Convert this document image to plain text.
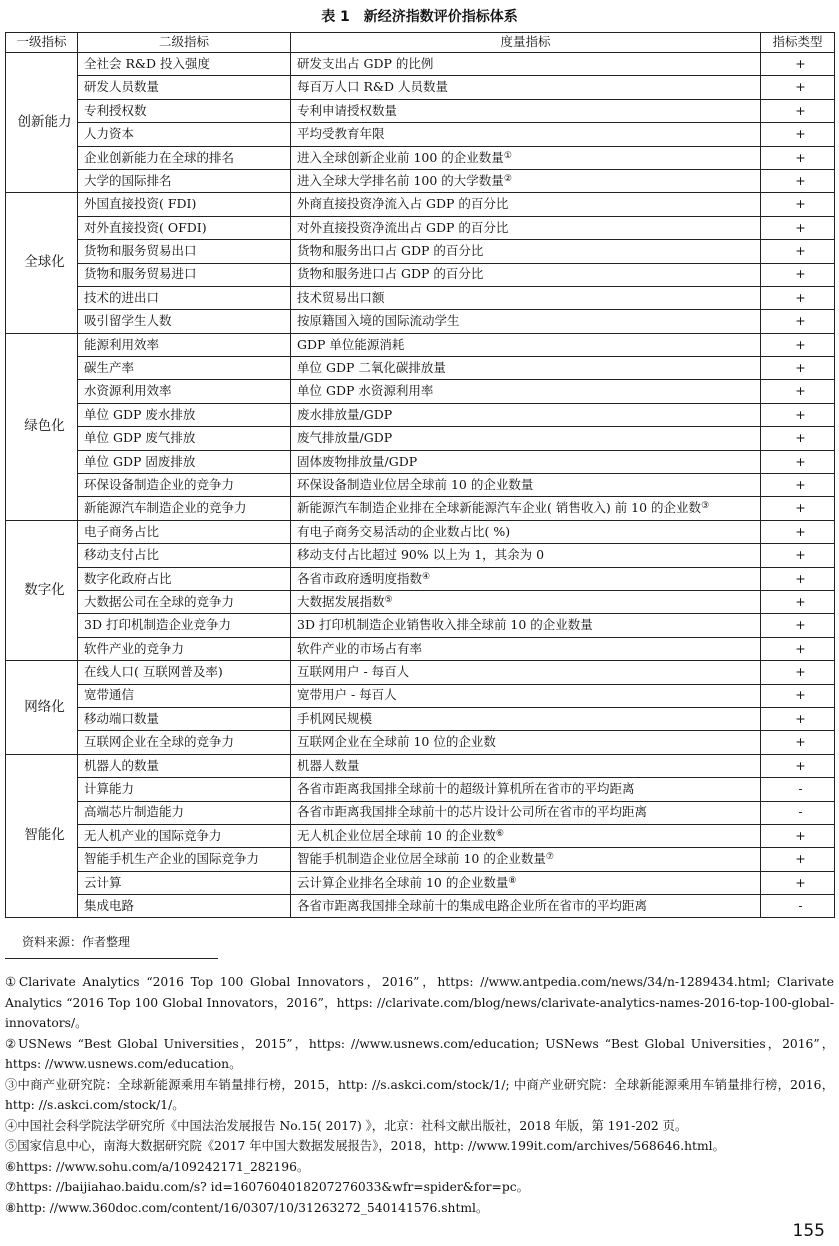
表 1　新经济指数评价指标体系
一级指标	二级指标	度量指标	指标类型
创新能力	全社会 R&D 投入强度	研发支出占 GDP 的比例	+
	研发人员数量	每百万人口 R&D 人员数量	+
	专利授权数	专利申请授权数量	+
	人力资本	平均受教育年限	+
	企业创新能力在全球的排名	进入全球创新企业前 100 的企业数量①	+
	大学的国际排名	进入全球大学排名前 100 的大学数量②	+
全球化	外国直接投资( FDI)	外商直接投资净流入占 GDP 的百分比	+
	对外直接投资( OFDI)	对外直接投资净流出占 GDP 的百分比	+
	货物和服务贸易出口	货物和服务出口占 GDP 的百分比	+
	货物和服务贸易进口	货物和服务进口占 GDP 的百分比	+
	技术的进出口	技术贸易出口额	+
	吸引留学生人数	按原籍国入境的国际流动学生	+
绿色化	能源利用效率	GDP 单位能源消耗	+
	碳生产率	单位 GDP 二氧化碳排放量	+
	水资源利用效率	单位 GDP 水资源利用率	+
	单位 GDP 废水排放	废水排放量/GDP	+
	单位 GDP 废气排放	废气排放量/GDP	+
	单位 GDP 固废排放	固体废物排放量/GDP	+
	环保设备制造企业的竞争力	环保设备制造业位居全球前 10 的企业数量	+
	新能源汽车制造企业的竞争力	新能源汽车制造企业排在全球新能源汽车企业( 销售收入) 前 10 的企业数③	+
数字化	电子商务占比	有电子商务交易活动的企业数占比( %)	+
	移动支付占比	移动支付占比超过 90% 以上为 1，其余为 0	+
	数字化政府占比	各省市政府透明度指数④	+
	大数据公司在全球的竞争力	大数据发展指数⑤	+
	3D 打印机制造企业竞争力	3D 打印机制造企业销售收入排全球前 10 的企业数量	+
	软件产业的竞争力	软件产业的市场占有率	+
网络化	在线人口( 互联网普及率)	互联网用户 - 每百人	+
	宽带通信	宽带用户 - 每百人	+
	移动端口数量	手机网民规模	+
	互联网企业在全球的竞争力	互联网企业在全球前 10 位的企业数	+
智能化	机器人的数量	机器人数量	+
	计算能力	各省市距离我国排全球前十的超级计算机所在省市的平均距离	-
	高端芯片制造能力	各省市距离我国排全球前十的芯片设计公司所在省市的平均距离	-
	无人机产业的国际竞争力	无人机企业位居全球前 10 的企业数⑥	+
	智能手机生产企业的国际竞争力	智能手机制造企业位居全球前 10 的企业数量⑦	+
	云计算	云计算企业排名全球前 10 的企业数量⑧	+
	集成电路	各省市距离我国排全球前十的集成电路企业所在省市的平均距离	-
资料来源：作者整理

①Clarivate Analytics “2016 Top 100 Global Innovators，2016”，https: //www.antpedia.com/news/34/n-1289434.html; Clarivate Analytics “2016 Top 100 Global Innovators，2016”，https: //clarivate.com/blog/news/clarivate-analytics-names-2016-top-100-global-innovators/。

②USNews “Best Global Universities，2015”，https: //www.usnews.com/education; USNews “Best Global Universities，2016”，https: //www.usnews.com/education。

③中商产业研究院：全球新能源乘用车销量排行榜，2015，http: //s.askci.com/stock/1/; 中商产业研究院：全球新能源乘用车销量排行榜，2016，http: //s.askci.com/stock/1/。

④中国社会科学院法学研究所《中国法治发展报告 No.15( 2017) 》，北京：社科文献出版社，2018 年版，第 191-202 页。

⑤国家信息中心，南海大数据研究院《2017 年中国大数据发展报告》，2018，http: //www.199it.com/archives/568646.html。

⑥https: //www.sohu.com/a/109242171_282196。

⑦https: //baijiahao.baidu.com/s? id=1607604018207276033&wfr=spider&for=pc。

⑧http: //www.360doc.com/content/16/0307/10/31263272_540141576.shtml。

155
